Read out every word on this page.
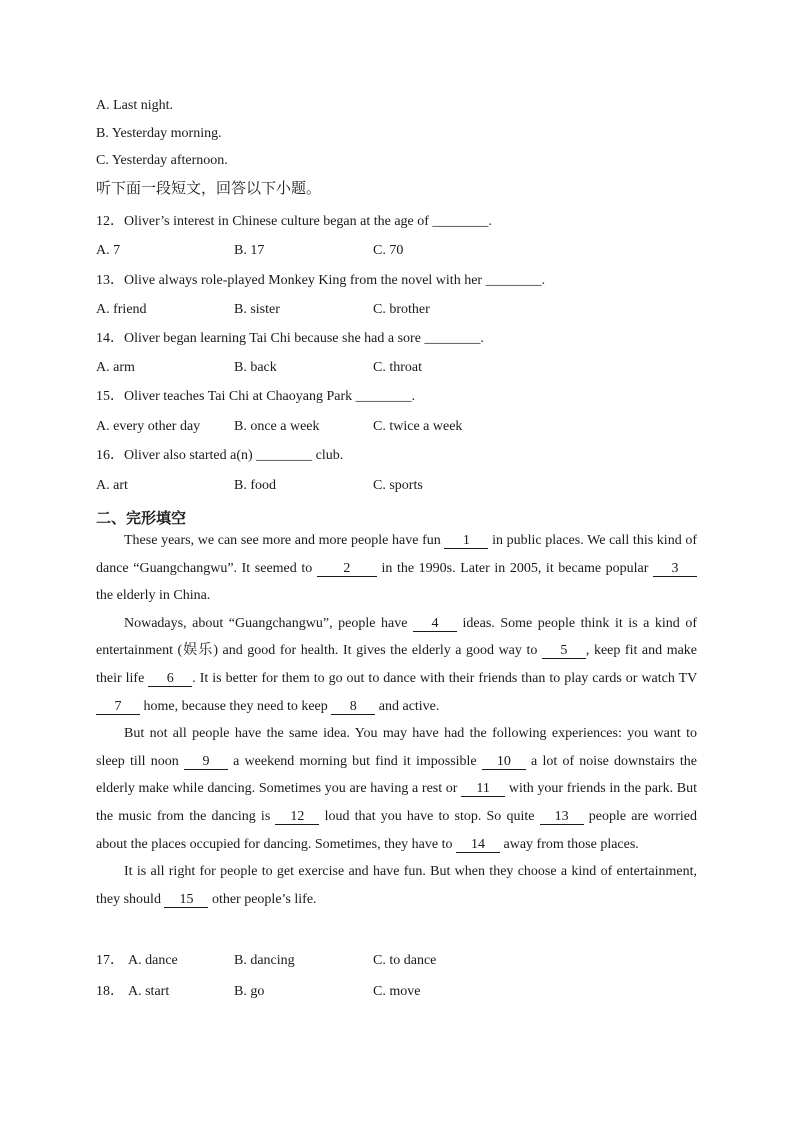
A. Last night.
B. Yesterday morning.
C. Yesterday afternoon.
听下面一段短文，回答以下小题。
12．Oliver’s interest in Chinese culture began at the age of ________.
A. 7	B. 17	C. 70
13．Olive always role-played Monkey King from the novel with her ________.
A. friend	B. sister	C. brother
14．Oliver began learning Tai Chi because she had a sore ________.
A. arm	B. back	C. throat
15．Oliver teaches Tai Chi at Chaoyang Park ________.
A. every other day B. once a week	C. twice a week
16．Oliver also started a(n) ________ club.
A. art	B. food	C. sports
二、完形填空

These years, we can see more and more people have fun 1 in public places. We call this kind of dance “Guangchangwu”. It seemed to 2 in the 1990s. Later in 2005, it became popular 3 the elderly in China.

Nowadays, about “Guangchangwu”, people have 4 ideas. Some people think it is a kind of entertainment (娱乐) and good for health. It gives the elderly a good way to 5 , keep fit and make their life 6 . It is better for them to go out to dance with their friends than to play cards or watch TV 7 home, because they need to keep 8 and active.

But not all people have the same idea. You may have had the following experiences: you want to sleep till noon 9 a weekend morning but find it impossible 10 a lot of noise downstairs the elderly make while dancing. Sometimes you are having a rest or 11 with your friends in the park. But the music from the dancing is 12 loud that you have to stop. So quite 13 people are worried about the places occupied for dancing. Sometimes, they have to 14 away from those places.

It is all right for people to get exercise and have fun. But when they choose a kind of entertainment, they should 15 other people’s life.

17． A. dance	B. dancing	C. to dance
18． A. start	B. go	C. move
